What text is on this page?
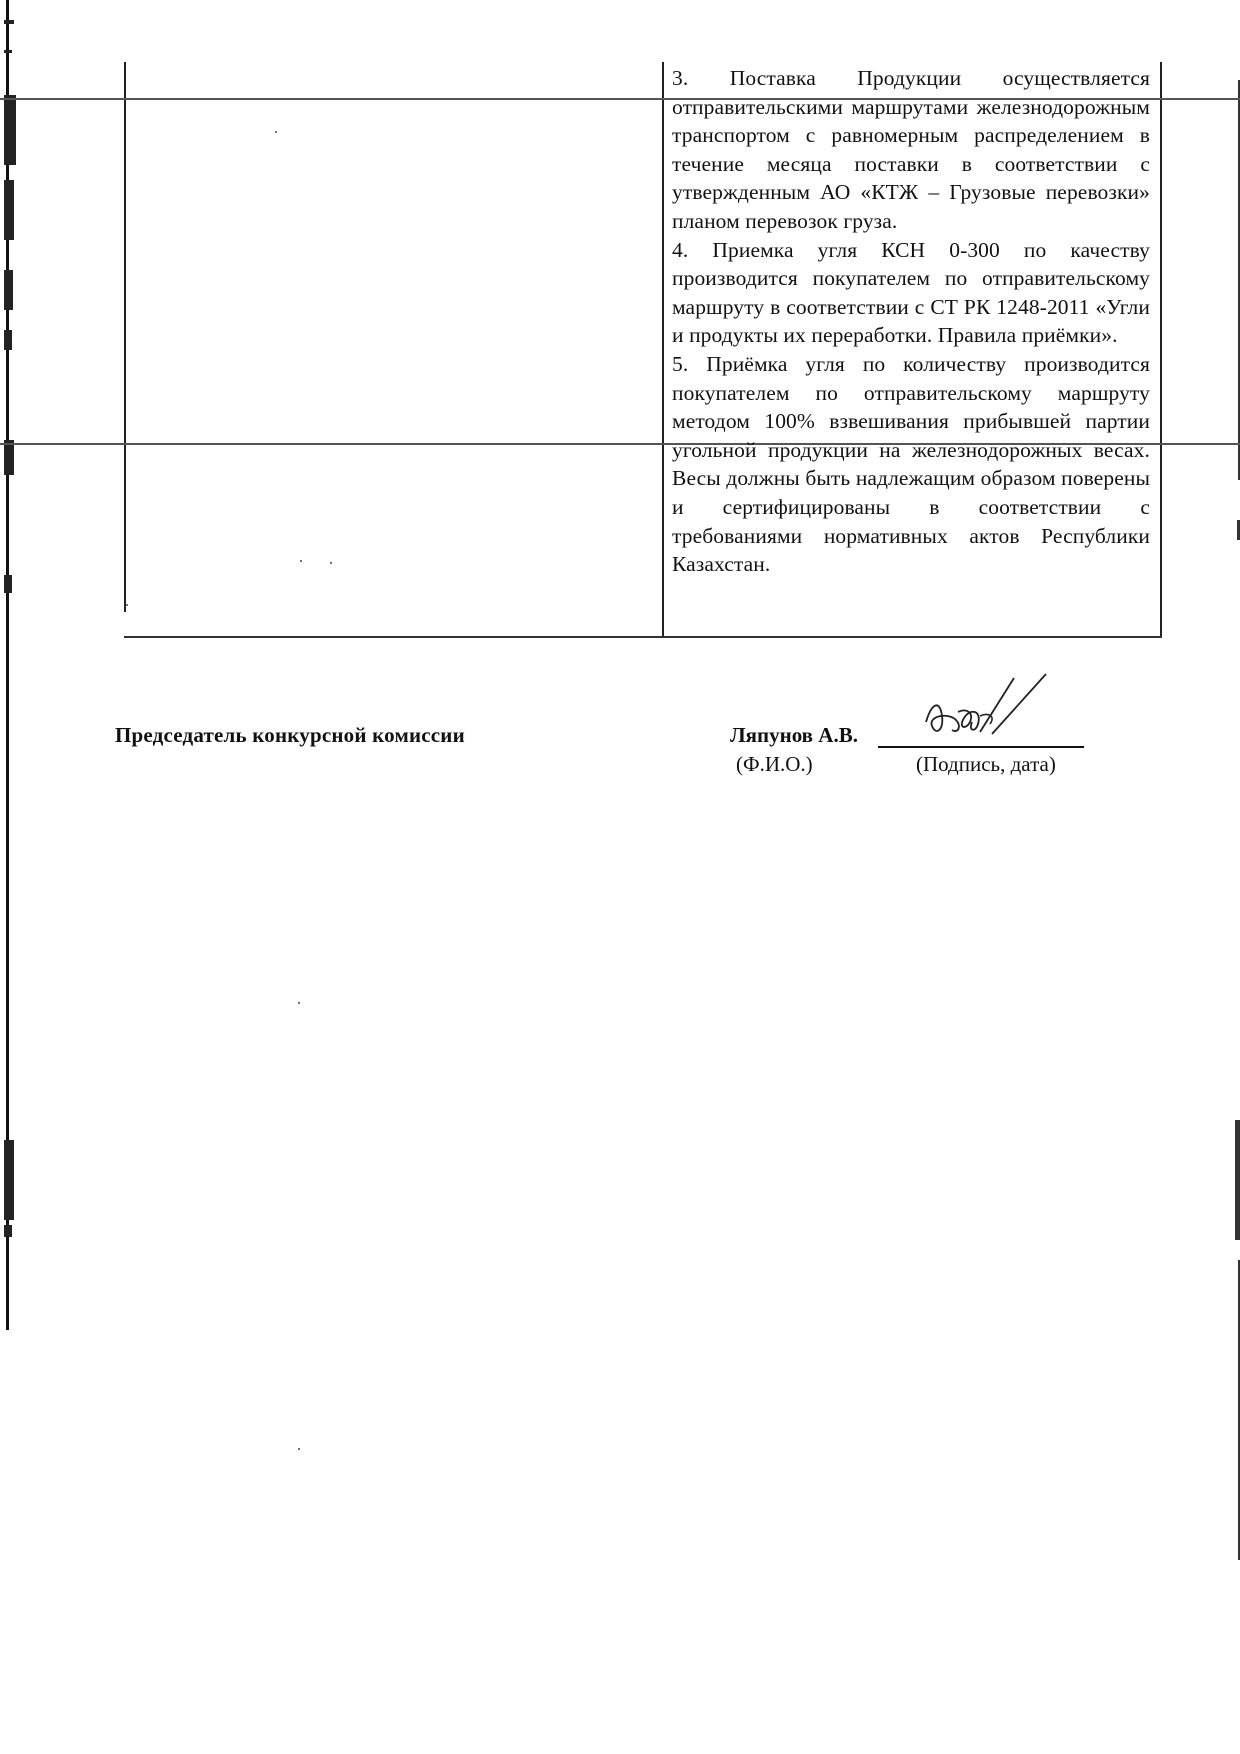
3. Поставка Продукции осуществляется отправительскими маршрутами железнодорожным транспортом с равномерным распределением в течение месяца поставки в соответствии с утвержденным АО «КТЖ – Грузовые перевозки» планом перевозок груза.

4. Приемка угля КСН 0-300 по качеству производится покупателем по отправительскому маршруту в соответствии с СТ РК 1248-2011 «Угли и продукты их переработки. Правила приёмки».

5. Приёмка угля по количеству производится покупателем по отправительскому маршруту методом 100% взвешивания прибывшей партии угольной продукции на железнодорожных весах. Весы должны быть надлежащим образом поверены и сертифицированы в соответствии с требованиями нормативных актов Республики Казахстан.

Председатель конкурсной комиссии	Ляпунов А.В.
(Ф.И.О.)	(Подпись, дата)
